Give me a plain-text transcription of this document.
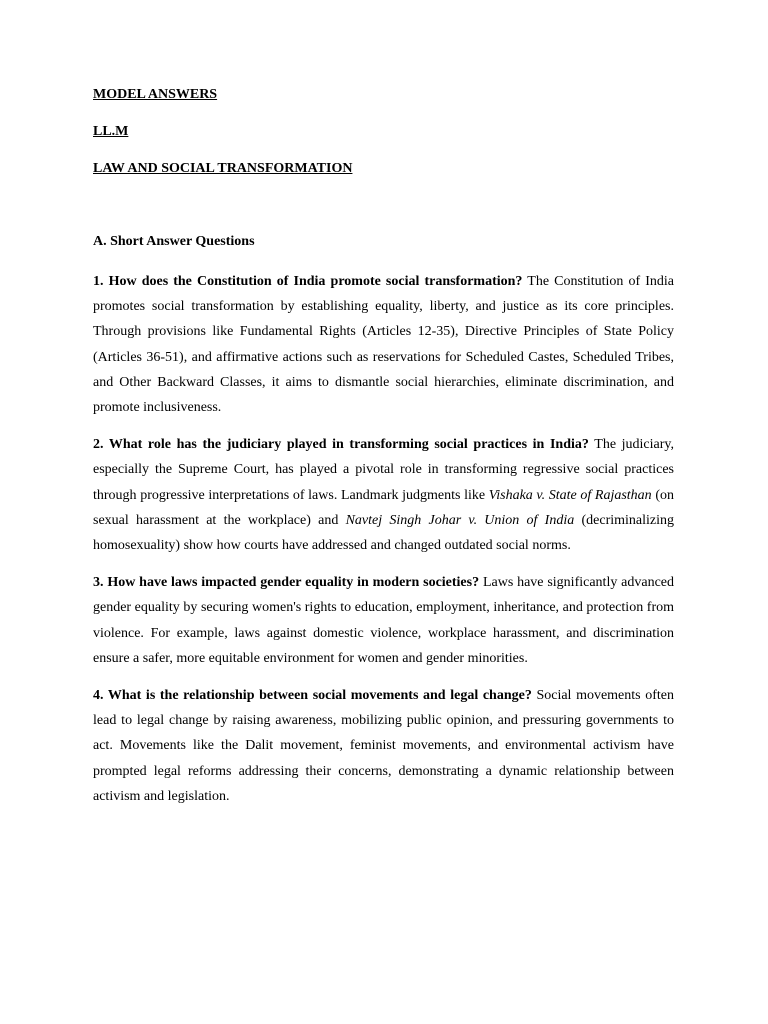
MODEL ANSWERS

LL.M

LAW AND SOCIAL TRANSFORMATION

A. Short Answer Questions

1. How does the Constitution of India promote social transformation? The Constitution of India promotes social transformation by establishing equality, liberty, and justice as its core principles. Through provisions like Fundamental Rights (Articles 12-35), Directive Principles of State Policy (Articles 36-51), and affirmative actions such as reservations for Scheduled Castes, Scheduled Tribes, and Other Backward Classes, it aims to dismantle social hierarchies, eliminate discrimination, and promote inclusiveness.

2. What role has the judiciary played in transforming social practices in India? The judiciary, especially the Supreme Court, has played a pivotal role in transforming regressive social practices through progressive interpretations of laws. Landmark judgments like Vishaka v. State of Rajasthan (on sexual harassment at the workplace) and Navtej Singh Johar v. Union of India (decriminalizing homosexuality) show how courts have addressed and changed outdated social norms.

3. How have laws impacted gender equality in modern societies? Laws have significantly advanced gender equality by securing women's rights to education, employment, inheritance, and protection from violence. For example, laws against domestic violence, workplace harassment, and discrimination ensure a safer, more equitable environment for women and gender minorities.

4. What is the relationship between social movements and legal change? Social movements often lead to legal change by raising awareness, mobilizing public opinion, and pressuring governments to act. Movements like the Dalit movement, feminist movements, and environmental activism have prompted legal reforms addressing their concerns, demonstrating a dynamic relationship between activism and legislation.
